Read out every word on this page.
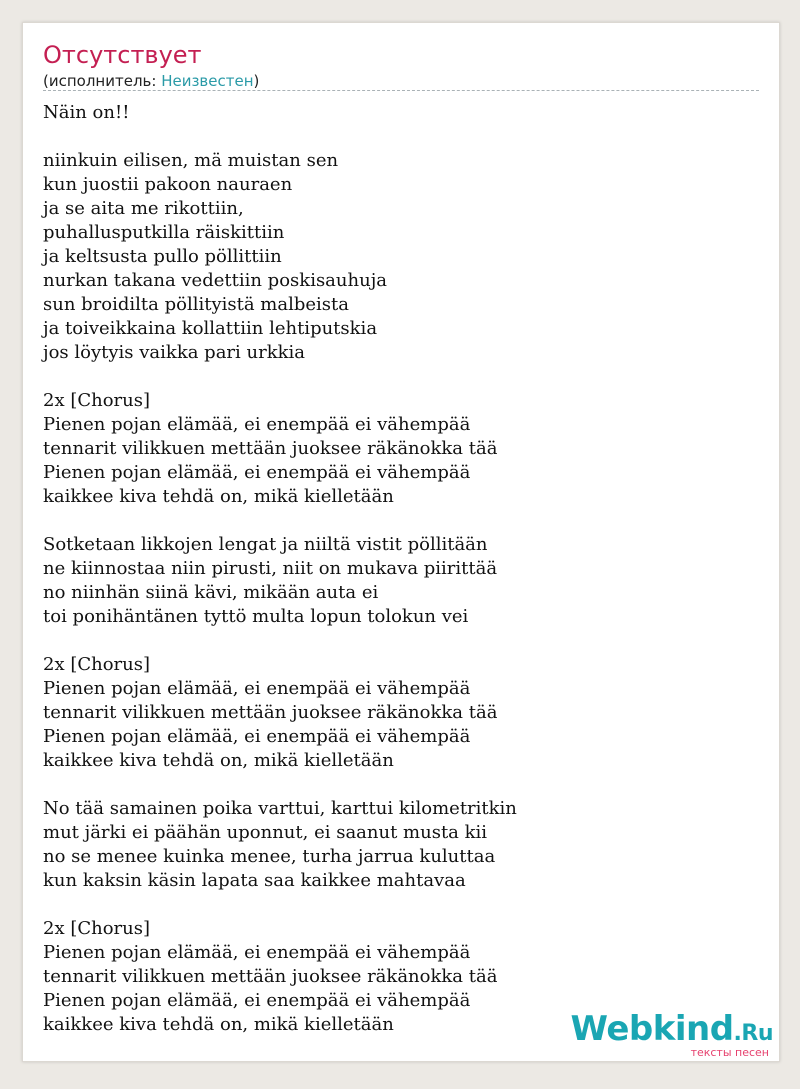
Отсутствует
(исполнитель: Неизвестен)
Näin on!!
niinkuin eilisen, mä muistan sen
kun juostii pakoon nauraen
ja se aita me rikottiin,
puhallusputkilla räiskittiin
ja keltsusta pullo pöllittiin
nurkan takana vedettiin poskisauhuja
sun broidilta pöllityistä malbeista
ja toiveikkaina kollattiin lehtiputskia
jos löytyis vaikka pari urkkia
2x [Chorus]
Pienen pojan elämää, ei enempää ei vähempää
tennarit vilikkuen mettään juoksee räkänokka tää
Pienen pojan elämää, ei enempää ei vähempää
kaikkee kiva tehdä on, mikä kielletään
Sotketaan likkojen lengat ja niiltä vistit pöllitään
ne kiinnostaa niin pirusti, niit on mukava piirittää
no niinhän siinä kävi, mikään auta ei
toi ponihäntänen tyttö multa lopun tolokun vei
2x [Chorus]
Pienen pojan elämää, ei enempää ei vähempää
tennarit vilikkuen mettään juoksee räkänokka tää
Pienen pojan elämää, ei enempää ei vähempää
kaikkee kiva tehdä on, mikä kielletään
No tää samainen poika varttui, karttui kilometritkin
mut järki ei päähän uponnut, ei saanut musta kii
no se menee kuinka menee, turha jarrua kuluttaa
kun kaksin käsin lapata saa kaikkee mahtavaa
2x [Chorus]
Pienen pojan elämää, ei enempää ei vähempää
tennarit vilikkuen mettään juoksee räkänokka tää
Pienen pojan elämää, ei enempää ei vähempää
kaikkee kiva tehdä on, mikä kielletään	Webkind.Ru
тексты песен
